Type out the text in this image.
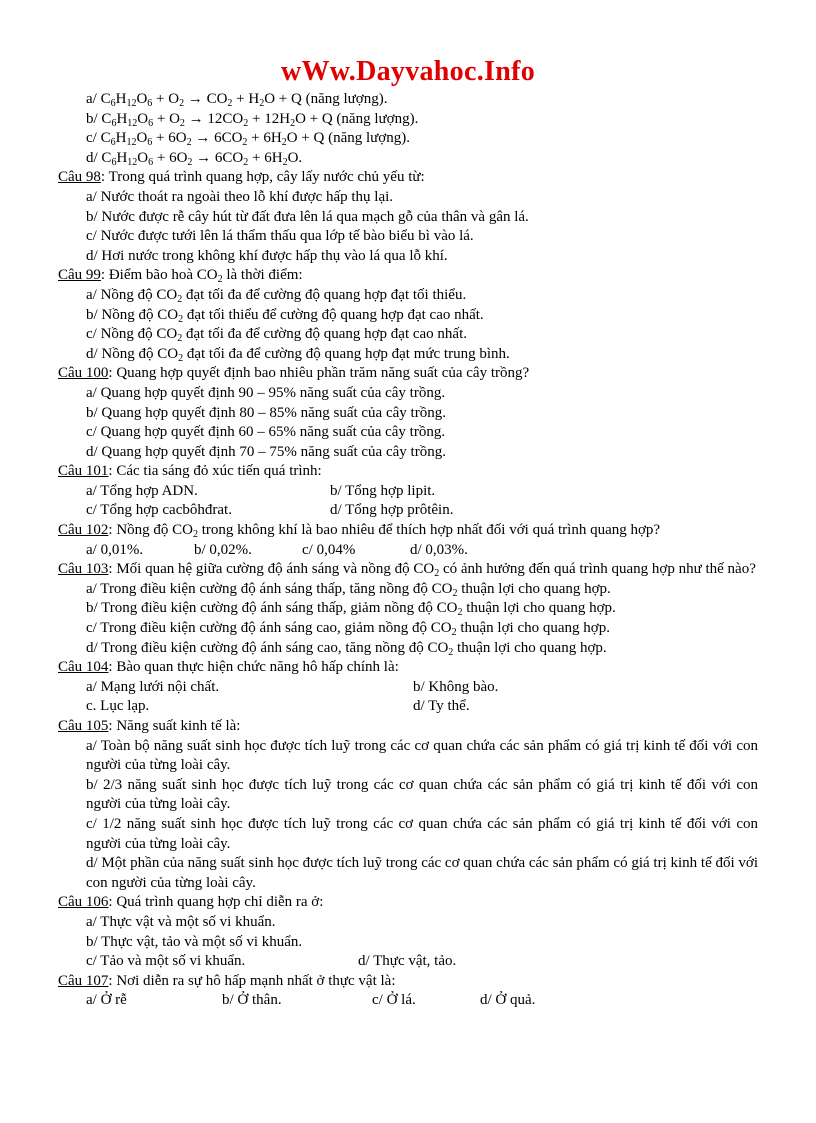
wWw.Dayvahoc.Info
a/ $C_6H_{12}O_6 + O_2 \to CO_2 + H_2O + Q$ (năng lượng).
b/ $C_6H_{12}O_6 + O_2 \to 12CO_2 + 12H_2O + Q$ (năng lượng).
c/ $C_6H_{12}O_6 + 6O_2 \to 6CO_2 + 6H_2O + Q$ (năng lượng).
d/ $C_6H_{12}O_6 + 6O_2 \to 6CO_2 + 6H_2O$.
Câu 98: Trong quá trình quang hợp, cây lấy nước chủ yếu từ:
a/ Nước thoát ra ngoài theo lỗ khí được hấp thụ lại.
b/ Nước được rễ cây hút từ đất đưa lên lá qua mạch gỗ của thân và gân lá.
c/ Nước được tưới lên lá thẩm thấu qua lớp tế bào biểu bì vào lá.
d/ Hơi nước trong không khí được hấp thụ vào lá qua lỗ khí.
Câu 99: Điểm bão hoà $CO_2$ là thời điểm:
a/ Nồng độ $CO_2$ đạt tối đa để cường độ quang hợp đạt tối thiểu.
b/ Nồng độ $CO_2$ đạt tối thiểu để cường độ quang hợp đạt cao nhất.
c/ Nồng độ $CO_2$ đạt tối đa để cường độ quang hợp đạt cao nhất.
d/ Nồng độ $CO_2$ đạt tối đa để cường độ quang hợp đạt mức trung bình.
Câu 100: Quang hợp quyết định bao nhiêu phần trăm năng suất của cây trồng?
a/ Quang hợp quyết định 90 – 95% năng suất của cây trồng.
b/ Quang hợp quyết định 80 – 85% năng suất của cây trồng.
c/ Quang hợp quyết định 60 – 65% năng suất của cây trồng.
d/ Quang hợp quyết định 70 – 75% năng suất của cây trồng.
Câu 101: Các tia sáng đỏ xúc tiến quá trình:
a/ Tổng hợp ADN.	b/ Tổng hợp lipit.
c/ Tổng hợp cacbôhđrat.	d/ Tổng hợp prôtêin.
Câu 102: Nồng độ $CO_2$ trong không khí là bao nhiêu để thích hợp nhất đối với quá trình quang hợp?
a/ 0,01%.	b/ 0,02%.	c/ 0,04%	d/ 0,03%.
Câu 103: Mối quan hệ giữa cường độ ánh sáng và nồng độ $CO_2$ có ảnh hưởng đến quá trình quang hợp như thế nào?
a/ Trong điều kiện cường độ ánh sáng thấp, tăng nồng độ $CO_2$ thuận lợi cho quang hợp.
b/ Trong điều kiện cường độ ánh sáng thấp, giảm nồng độ $CO_2$ thuận lợi cho quang hợp.
c/ Trong điều kiện cường độ ánh sáng cao, giảm nồng độ $CO_2$ thuận lợi cho quang hợp.
d/ Trong điều kiện cường độ ánh sáng cao, tăng nồng độ $CO_2$ thuận lợi cho quang hợp.
Câu 104: Bào quan thực hiện chức năng hô hấp chính là:
a/ Mạng lưới nội chất.	b/ Không bào.
c. Lục lạp.	d/ Ty thể.
Câu 105: Năng suất kinh tế là:
a/ Toàn bộ năng suất sinh học được tích luỹ trong các cơ quan chứa các sản phẩm có giá trị kinh tế đối với con người của từng loài cây.
b/ 2/3 năng suất sinh học được tích luỹ trong các cơ quan chứa các sản phẩm có giá trị kinh tế đối với con người của từng loài cây.
c/ 1/2 năng suất sinh học được tích luỹ trong các cơ quan chứa các sản phẩm có giá trị kinh tế đối với con người của từng loài cây.
d/ Một phần của năng suất sinh học được tích luỹ trong các cơ quan chứa các sản phẩm có giá trị kinh tế đối với con người của từng loài cây.
Câu 106: Quá trình quang hợp chỉ diễn ra ở:
a/ Thực vật và một số vi khuẩn.
b/ Thực vật, tảo và một số vi khuẩn.
c/ Tảo và một số vi khuẩn.	d/ Thực vật, tảo.
Câu 107: Nơi diễn ra sự hô hấp mạnh nhất ở thực vật là:
a/ Ở rễ	b/ Ở thân.	c/ Ở lá.	d/ Ở quả.
